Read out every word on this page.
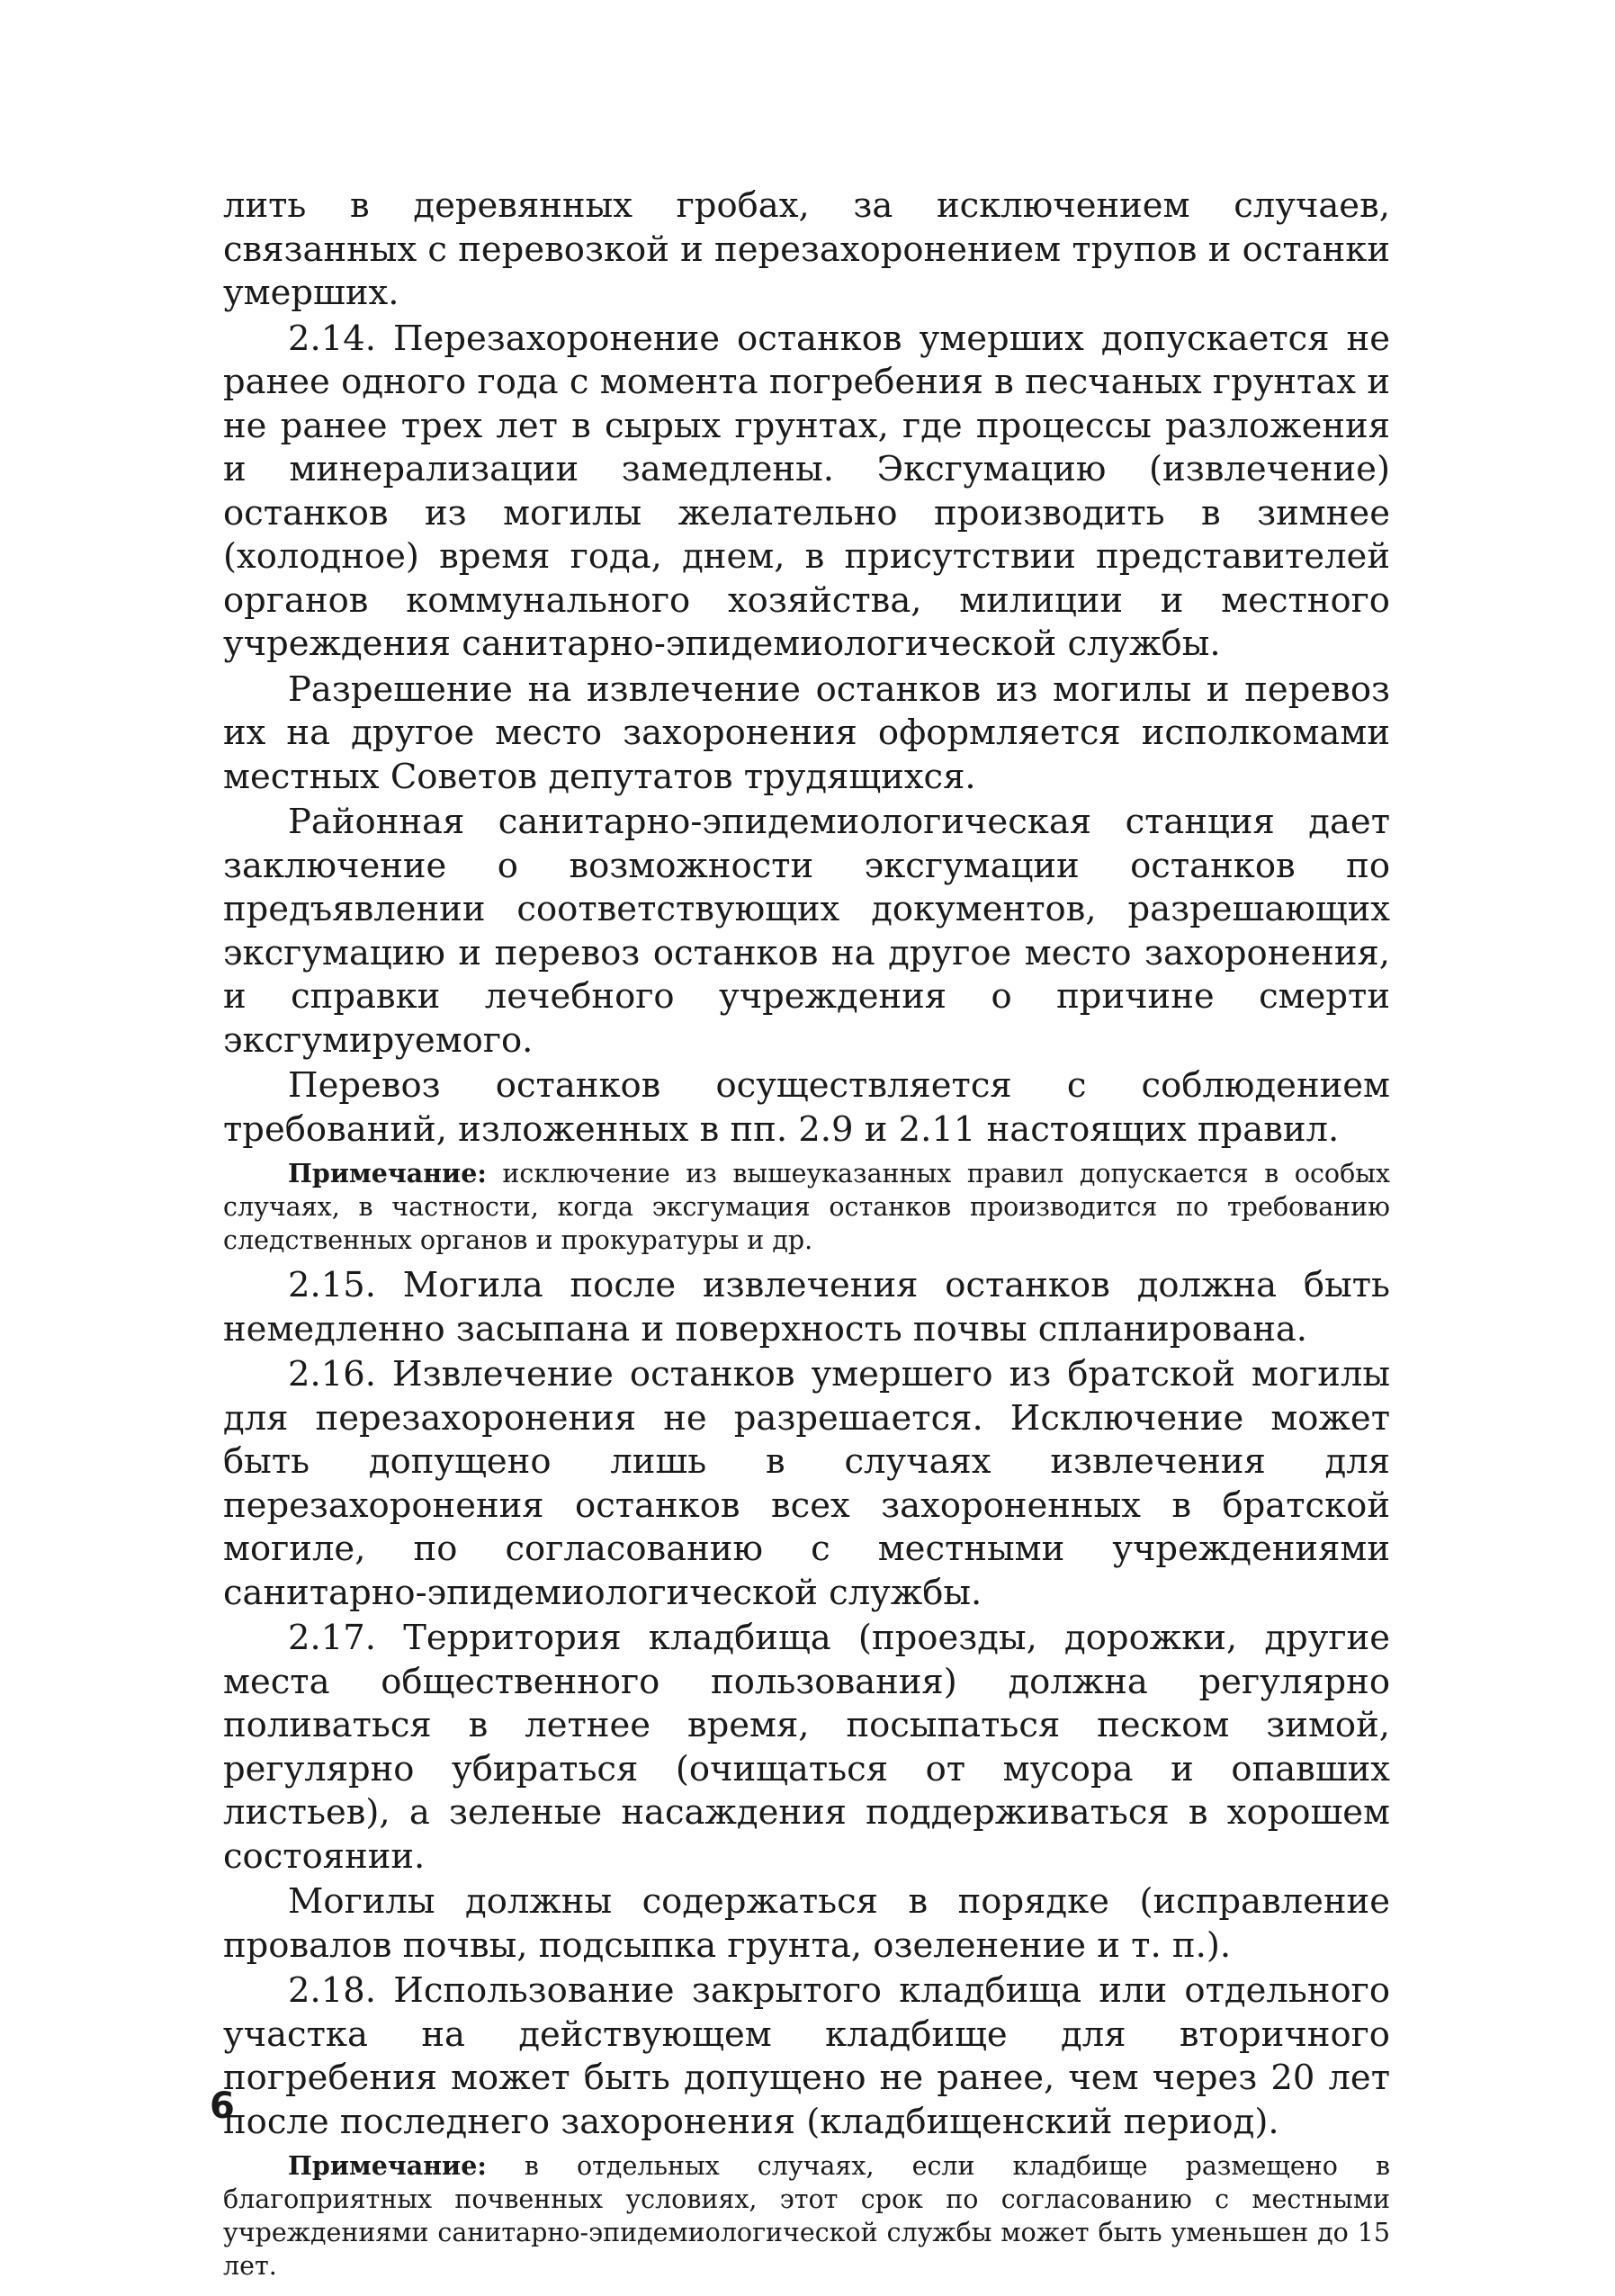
лить в деревянных гробах, за исключением случаев, связанных с перевозкой и перезахоронением трупов и останки умерших.

2.14. Перезахоронение останков умерших допускается не ранее одного года с момента погребения в песчаных грунтах и не ранее трех лет в сырых грунтах, где процессы разложения и минерализации замедлены. Эксгумацию (извлечение) останков из могилы желательно производить в зимнее (холодное) время года, днем, в присутствии представителей органов коммунального хозяйства, милиции и местного учреждения санитарно-эпидемиологической службы.

Разрешение на извлечение останков из могилы и перевоз их на другое место захоронения оформляется исполкомами местных Советов депутатов трудящихся.

Районная санитарно-эпидемиологическая станция дает заключение о возможности эксгумации останков по предъявлении соответствующих документов, разрешающих эксгумацию и перевоз останков на другое место захоронения, и справки лечебного учреждения о причине смерти эксгумируемого.

Перевоз останков осуществляется с соблюдением требований, изложенных в пп. 2.9 и 2.11 настоящих правил.

Примечание: исключение из вышеуказанных правил допускается в особых случаях, в частности, когда эксгумация останков производится по требованию следственных органов и прокуратуры и др.

2.15. Могила после извлечения останков должна быть немедленно засыпана и поверхность почвы спланирована.

2.16. Извлечение останков умершего из братской могилы для перезахоронения не разрешается. Исключение может быть допущено лишь в случаях извлечения для перезахоронения останков всех захороненных в братской могиле, по согласованию с местными учреждениями санитарно-эпидемиологической службы.

2.17. Территория кладбища (проезды, дорожки, другие места общественного пользования) должна регулярно поливаться в летнее время, посыпаться песком зимой, регулярно убираться (очищаться от мусора и опавших листьев), а зеленые насаждения поддерживаться в хорошем состоянии.

Могилы должны содержаться в порядке (исправление провалов почвы, подсыпка грунта, озеленение и т. п.).

2.18. Использование закрытого кладбища или отдельного участка на действующем кладбище для вторичного погребения может быть допущено не ранее, чем через 20 лет после последнего захоронения (кладбищенский период).

Примечание: в отдельных случаях, если кладбище размещено в благоприятных почвенных условиях, этот срок по согласованию с местными учреждениями санитарно-эпидемиологической службы может быть уменьшен до 15 лет.

6
